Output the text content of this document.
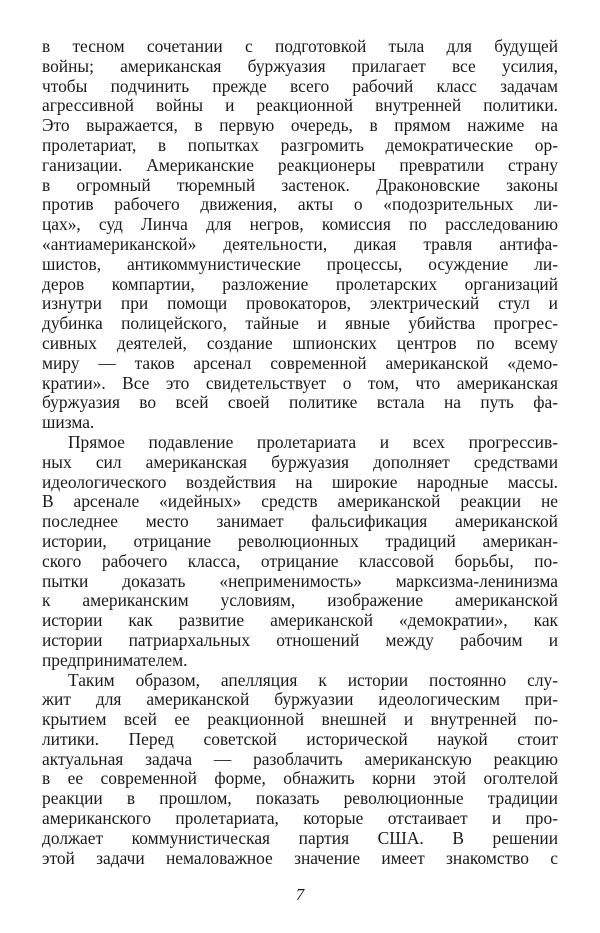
в тесном сочетании с подготовкой тыла для будущей
войны; американская буржуазия прилагает все усилия,
чтобы подчинить прежде всего рабочий класс задачам
агрессивной войны и реакционной внутренней политики.
Это выражается, в первую очередь, в прямом нажиме на
пролетариат, в попытках разгромить демократические ор-
ганизации. Американские реакционеры превратили страну
в огромный тюремный застенок. Драконовские законы
против рабочего движения, акты о «подозрительных ли-
цах», суд Линча для негров, комиссия по расследованию
«антиамериканской» деятельности, дикая травля антифа-
шистов, антикоммунистические процессы, осуждение ли-
деров компартии, разложение пролетарских организаций
изнутри при помощи провокаторов, электрический стул и
дубинка полицейского, тайные и явные убийства прогрес-
сивных деятелей, создание шпионских центров по всему
миру — таков арсенал современной американской «демо-
кратии». Все это свидетельствует о том, что американская
буржуазия во всей своей политике встала на путь фа-
шизма.
Прямое подавление пролетариата и всех прогрессив-
ных сил американская буржуазия дополняет средствами
идеологического воздействия на широкие народные массы.
В арсенале «идейных» средств американской реакции не
последнее место занимает фальсификация американской
истории, отрицание революционных традиций американ-
ского рабочего класса, отрицание классовой борьбы, по-
пытки доказать «неприменимость» марксизма-ленинизма
к американским условиям, изображение американской
истории как развитие американской «демократии», как
истории патриархальных отношений между рабочим и
предпринимателем.
Таким образом, апелляция к истории постоянно слу-
жит для американской буржуазии идеологическим при-
крытием всей ее реакционной внешней и внутренней по-
литики. Перед советской исторической наукой стоит
актуальная задача — разоблачить американскую реакцию
в ее современной форме, обнажить корни этой оголтелой
реакции в прошлом, показать революционные традиции
американского пролетариата, которые отстаивает и про-
должает коммунистическая партия США. В решении
этой задачи немаловажное значение имеет знакомство с
7
